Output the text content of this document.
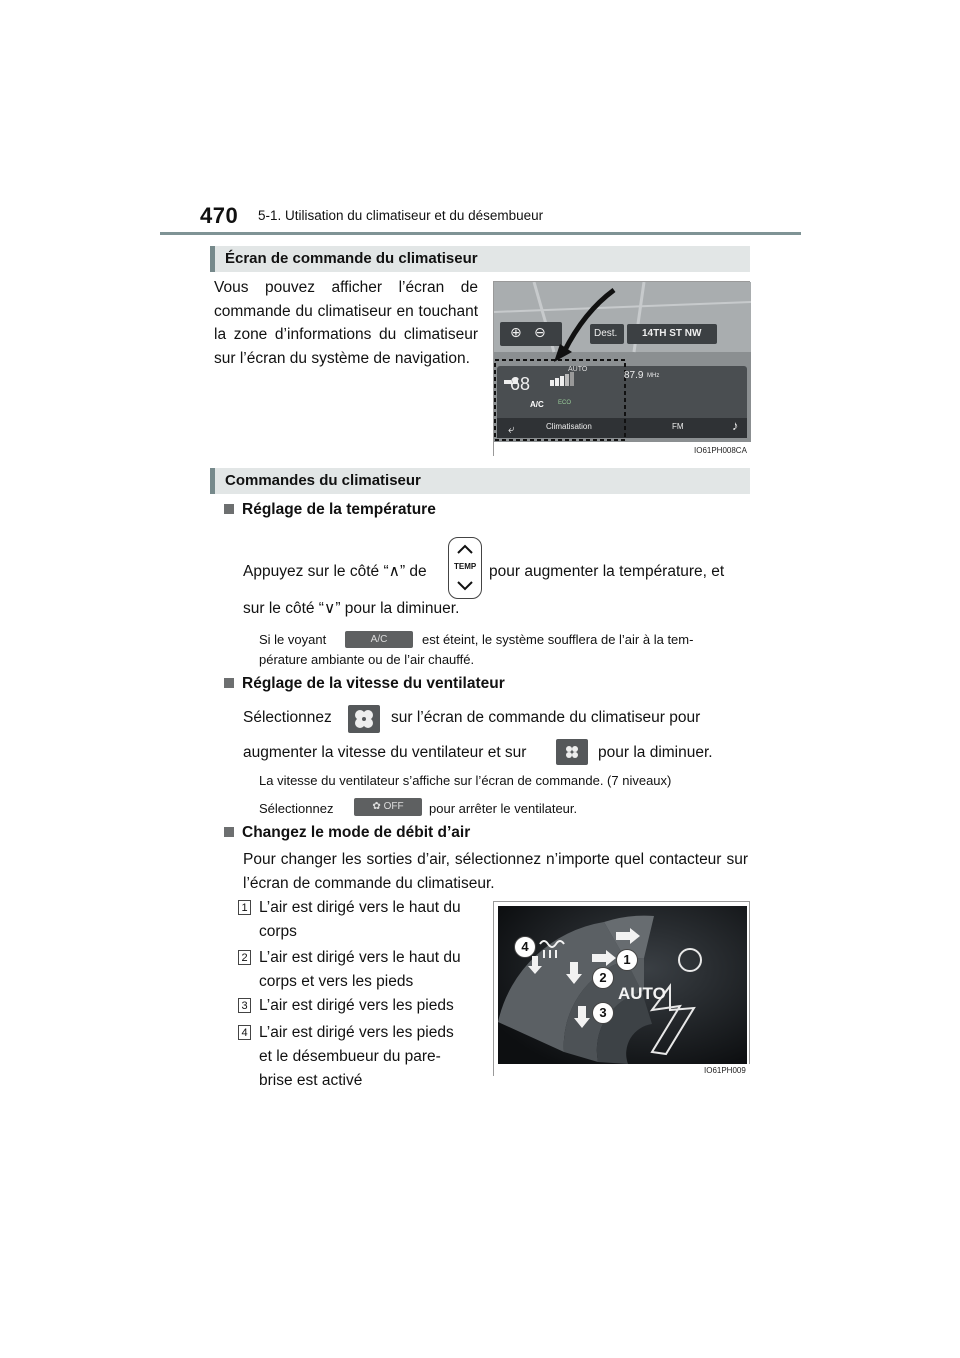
470 5-1. Utilisation du climatiseur et du désembueur
Écran de commande du climatiseur
Vous pouvez afficher l’écran de commande du climatiseur en touchant la zone d’informations du climatiseur sur l’écran du système de navigation.
⊕ ⊖	Dest. 14TH ST NW
AUTO
68
A/C ECO
87.9 MHz
⤶	Climatisation	FM	♪
IO61PH008CA
Commandes du climatiseur
Réglage de la température
Appuyez sur le côté “∧” de	TEMP pour augmenter la température, et
sur le côté “∨” pour la diminuer.
Si le voyant	A/C	est éteint, le système soufflera de l’air à la tem-
pérature ambiante ou de l’air chauffé.
Réglage de la vitesse du ventilateur
Sélectionnez	sur l’écran de commande du climatiseur pour
augmenter la vitesse du ventilateur et sur	pour la diminuer.
La vitesse du ventilateur s’affiche sur l’écran de commande. (7 niveaux)
Sélectionnez	✿ OFF	pour arrêter le ventilateur.
Changez le mode de débit d’air
Pour changer les sorties d’air, sélectionnez n’importe quel contacteur sur l’écran de commande du climatiseur.
1 L’air est dirigé vers le haut du
corps
2 L’air est dirigé vers le haut du
corps et vers les pieds
3 L’air est dirigé vers les pieds
4 L’air est dirigé vers les pieds
et le désembueur du pare-
brise est activé
AUTO
1
2
3
4
IO61PH009
